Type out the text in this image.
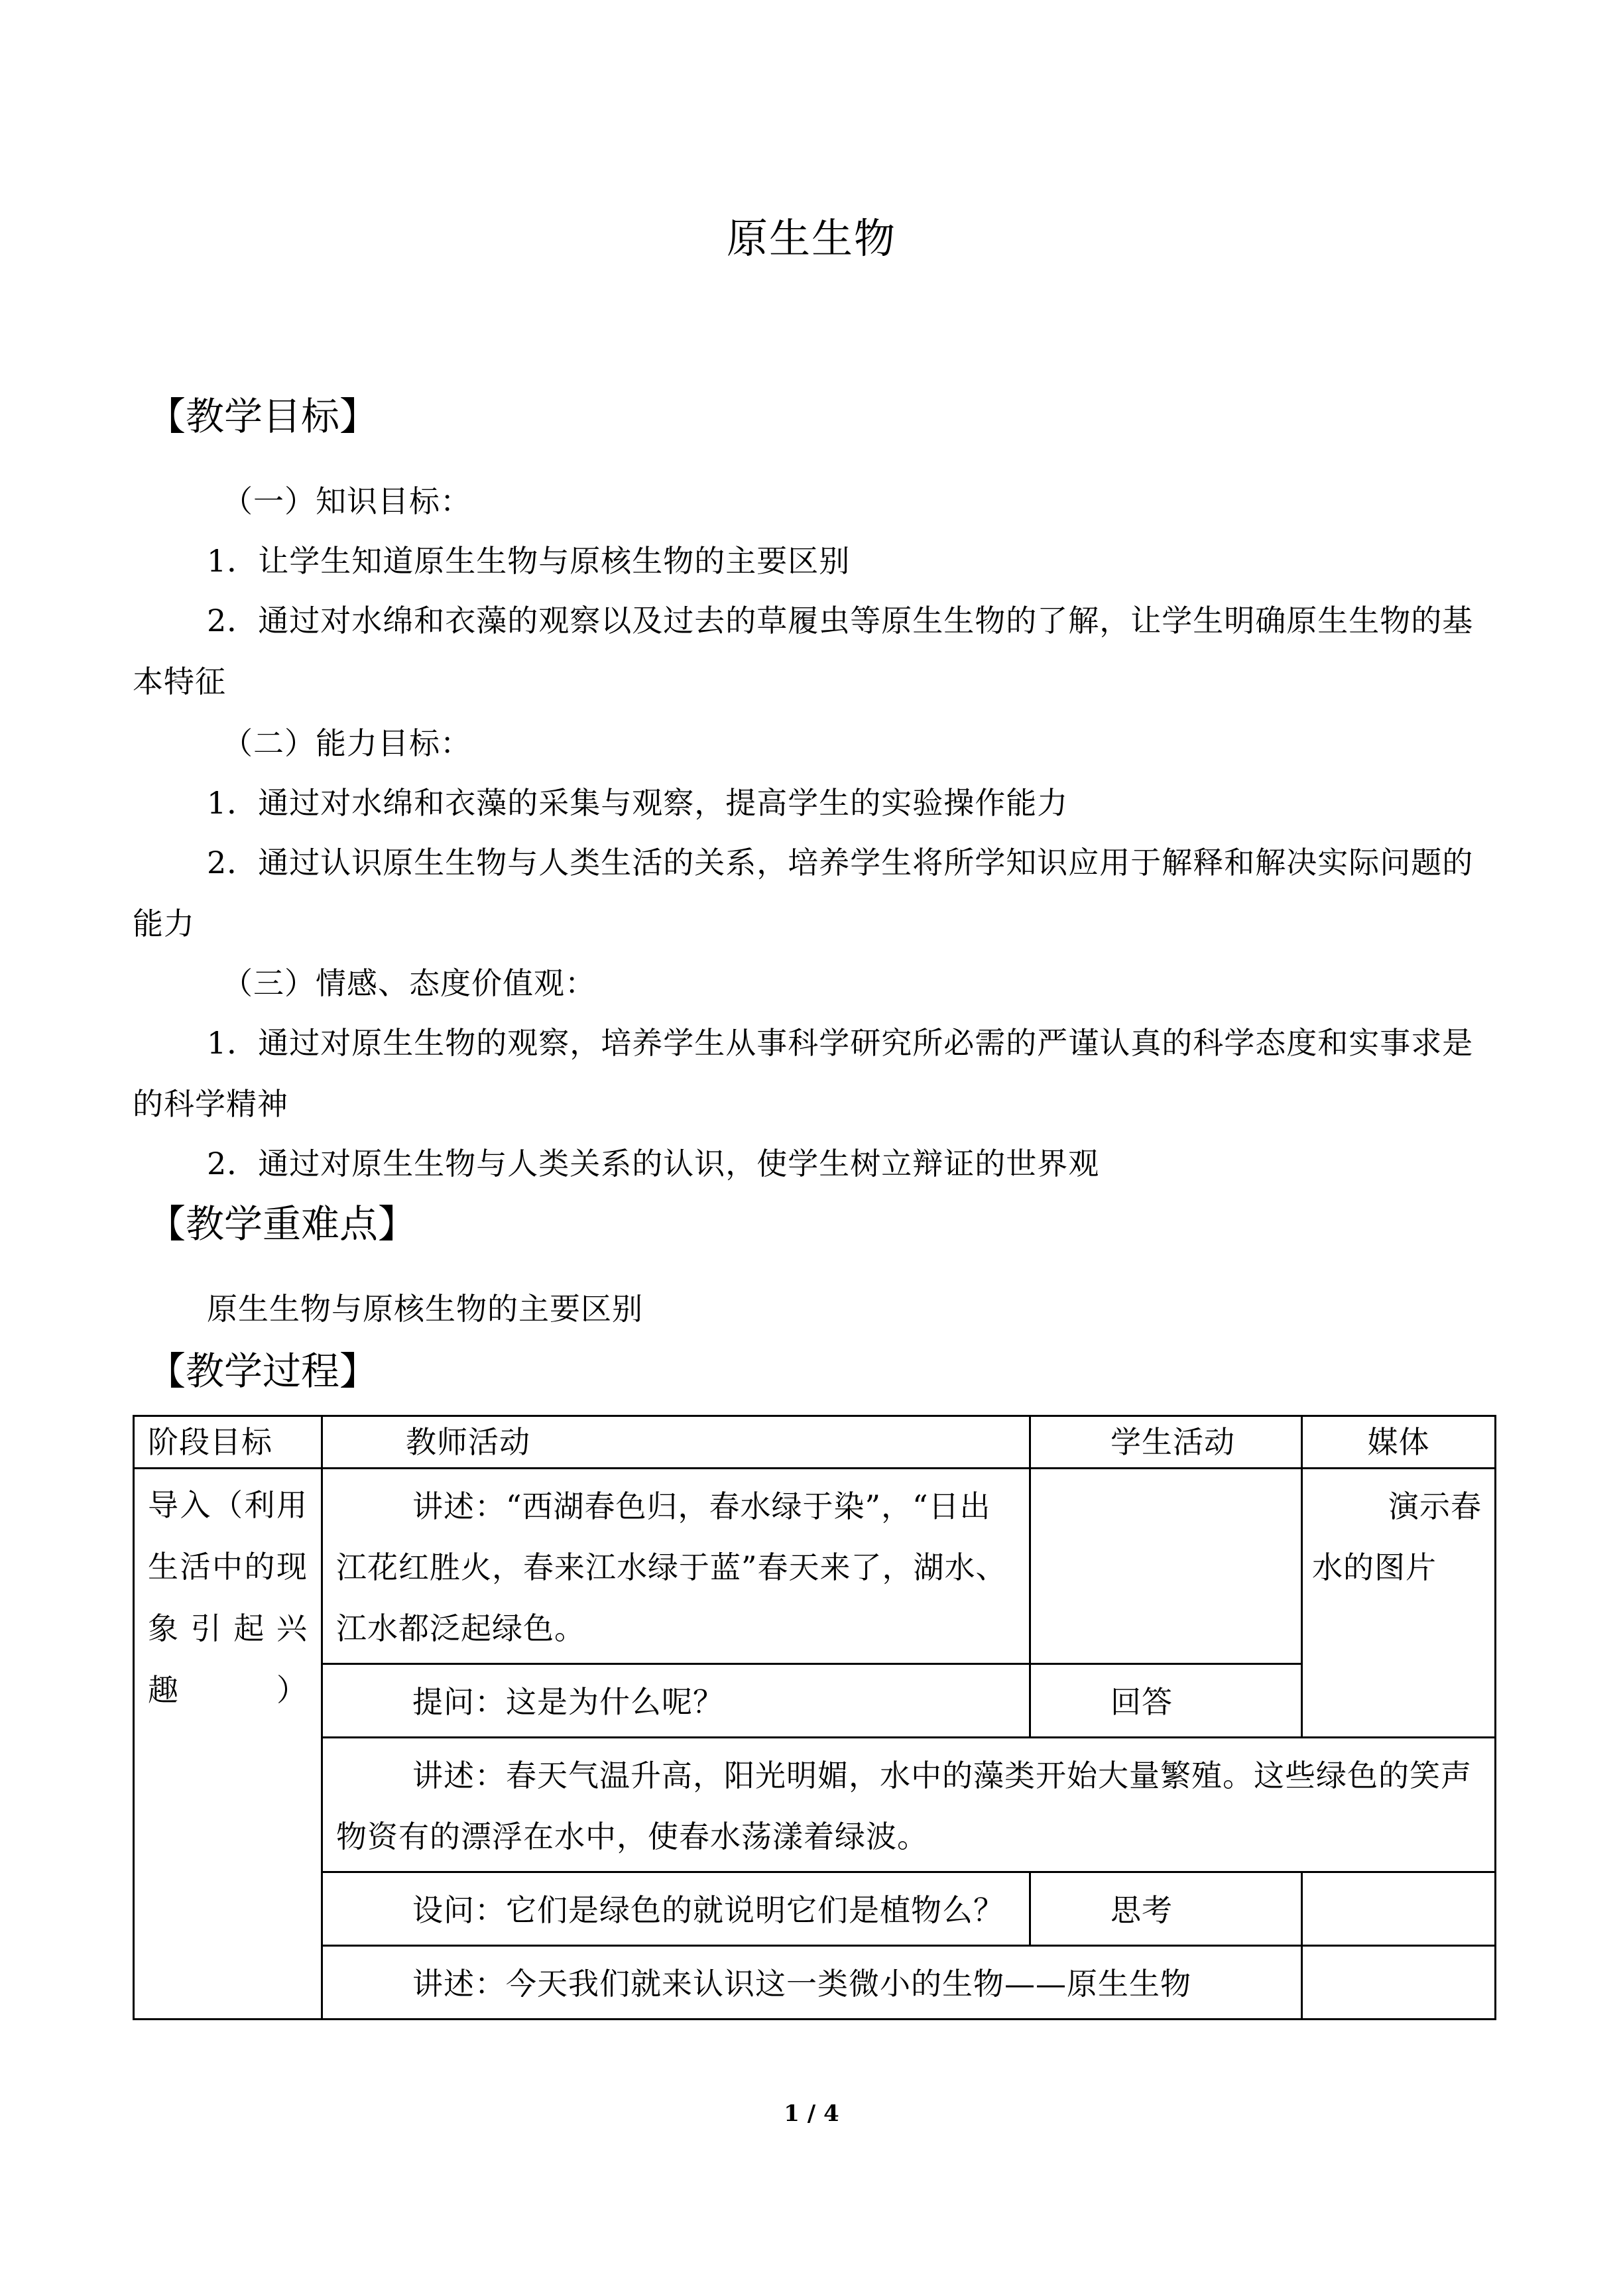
原生生物
【教学目标】
（一）知识目标：
1．让学生知道原生生物与原核生物的主要区别
2．通过对水绵和衣藻的观察以及过去的草履虫等原生生物的了解，让学生明确原生生物的基本特征
（二）能力目标：
1．通过对水绵和衣藻的采集与观察，提高学生的实验操作能力
2．通过认识原生生物与人类生活的关系，培养学生将所学知识应用于解释和解决实际问题的能力
（三）情感、态度价值观：
1．通过对原生生物的观察，培养学生从事科学研究所必需的严谨认真的科学态度和实事求是的科学精神
2．通过对原生生物与人类关系的认识，使学生树立辩证的世界观
【教学重难点】
原生生物与原核生物的主要区别
【教学过程】
阶段目标	教师活动	学生活动	媒体

导入（利用生活中的现象引起兴趣）	讲述：“西湖春色归，春水绿于染”，“日出江花红胜火，春来江水绿于蓝”春天来了，湖水、江水都泛起绿色。		演示春水的图片
	提问：这是为什么呢？	回答	
	讲述：春天气温升高，阳光明媚，水中的藻类开始大量繁殖。这些绿色的笑声物资有的漂浮在水中，使春水荡漾着绿波。		
	设问：它们是绿色的就说明它们是植物么？	思考	
	讲述：今天我们就来认识这一类微小的生物——原生生物		
1 / 4
